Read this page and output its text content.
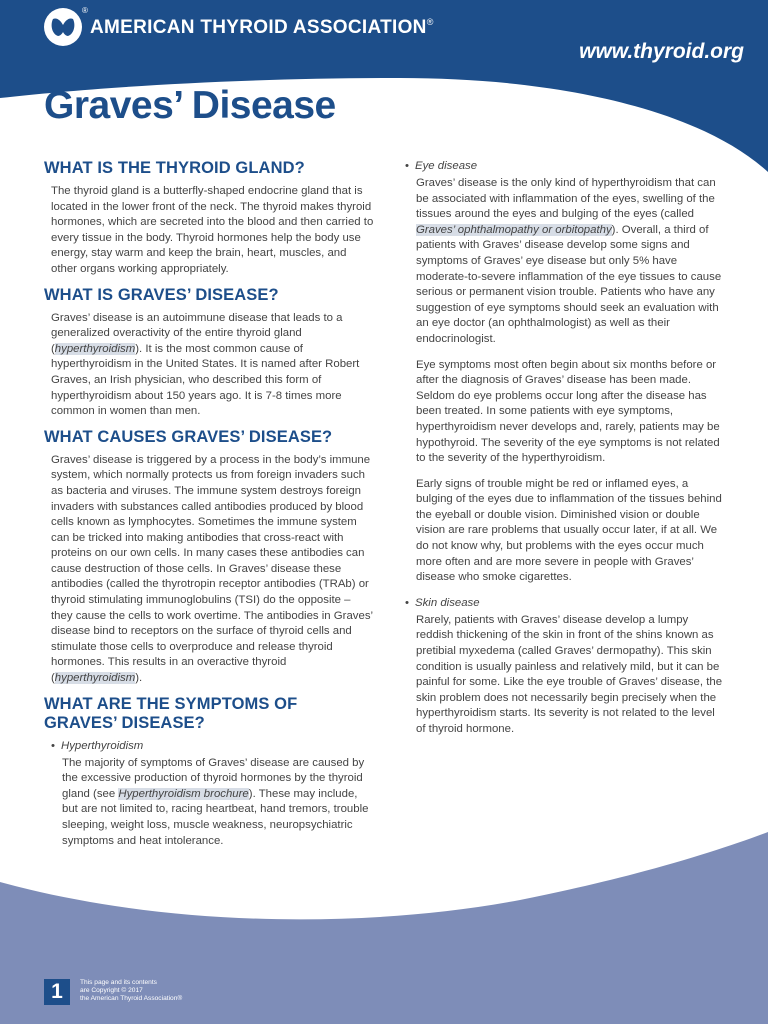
®
AMERICAN THYROID ASSOCIATION®
www.thyroid.org
Graves’ Disease
WHAT IS THE THYROID GLAND?

The thyroid gland is a butterfly-shaped endocrine gland that is located in the lower front of the neck. The thyroid makes thyroid hormones, which are secreted into the blood and then carried to every tissue in the body. Thyroid hormones help the body use energy, stay warm and keep the brain, heart, muscles, and other organs working appropriately.

WHAT IS GRAVES’ DISEASE?

Graves’ disease is an autoimmune disease that leads to a generalized overactivity of the entire thyroid gland (hyperthyroidism). It is the most common cause of hyperthyroidism in the United States. It is named after Robert Graves, an Irish physician, who described this form of hyperthyroidism about 150 years ago. It is 7-8 times more common in women than men.

WHAT CAUSES GRAVES’ DISEASE?

Graves’ disease is triggered by a process in the body’s immune system, which normally protects us from foreign invaders such as bacteria and viruses. The immune system destroys foreign invaders with substances called antibodies produced by blood cells known as lymphocytes. Sometimes the immune system can be tricked into making antibodies that cross-react with proteins on our own cells. In many cases these antibodies can cause destruction of those cells. In Graves’ disease these antibodies (called the thyrotropin receptor antibodies (TRAb) or thyroid stimulating immunoglobulins (TSI) do the opposite – they cause the cells to work overtime. The antibodies in Graves’ disease bind to receptors on the surface of thyroid cells and stimulate those cells to overproduce and release thyroid hormones. This results in an overactive thyroid (hyperthyroidism).

WHAT ARE THE SYMPTOMS OF GRAVES’ DISEASE?
• Hyperthyroidism

The majority of symptoms of Graves’ disease are caused by the excessive production of thyroid hormones by the thyroid gland (see Hyperthyroidism brochure). These may include, but are not limited to, racing heartbeat, hand tremors, trouble sleeping, weight loss, muscle weakness, neuropsychiatric symptoms and heat intolerance.

• Eye disease

Graves’ disease is the only kind of hyperthyroidism that can be associated with inflammation of the eyes, swelling of the tissues around the eyes and bulging of the eyes (called Graves’ ophthalmopathy or orbitopathy). Overall, a third of patients with Graves’ disease develop some signs and symptoms of Graves’ eye disease but only 5% have moderate-to-severe inflammation of the eye tissues to cause serious or permanent vision trouble. Patients who have any suggestion of eye symptoms should seek an evaluation with an eye doctor (an ophthalmologist) as well as their endocrinologist.

Eye symptoms most often begin about six months before or after the diagnosis of Graves’ disease has been made. Seldom do eye problems occur long after the disease has been treated. In some patients with eye symptoms, hyperthyroidism never develops and, rarely, patients may be hypothyroid. The severity of the eye symptoms is not related to the severity of the hyperthyroidism.

Early signs of trouble might be red or inflamed eyes, a bulging of the eyes due to inflammation of the tissues behind the eyeball or double vision. Diminished vision or double vision are rare problems that usually occur later, if at all. We do not know why, but problems with the eyes occur much more often and are more severe in people with Graves’ disease who smoke cigarettes.

• Skin disease

Rarely, patients with Graves’ disease develop a lumpy reddish thickening of the skin in front of the shins known as pretibial myxedema (called Graves’ dermopathy). This skin condition is usually painless and relatively mild, but it can be painful for some. Like the eye trouble of Graves’ disease, the skin problem does not necessarily begin precisely when the hyperthyroidism starts. Its severity is not related to the level of thyroid hormone.

1	This page and its contents
are Copyright © 2017
the American Thyroid Association®
